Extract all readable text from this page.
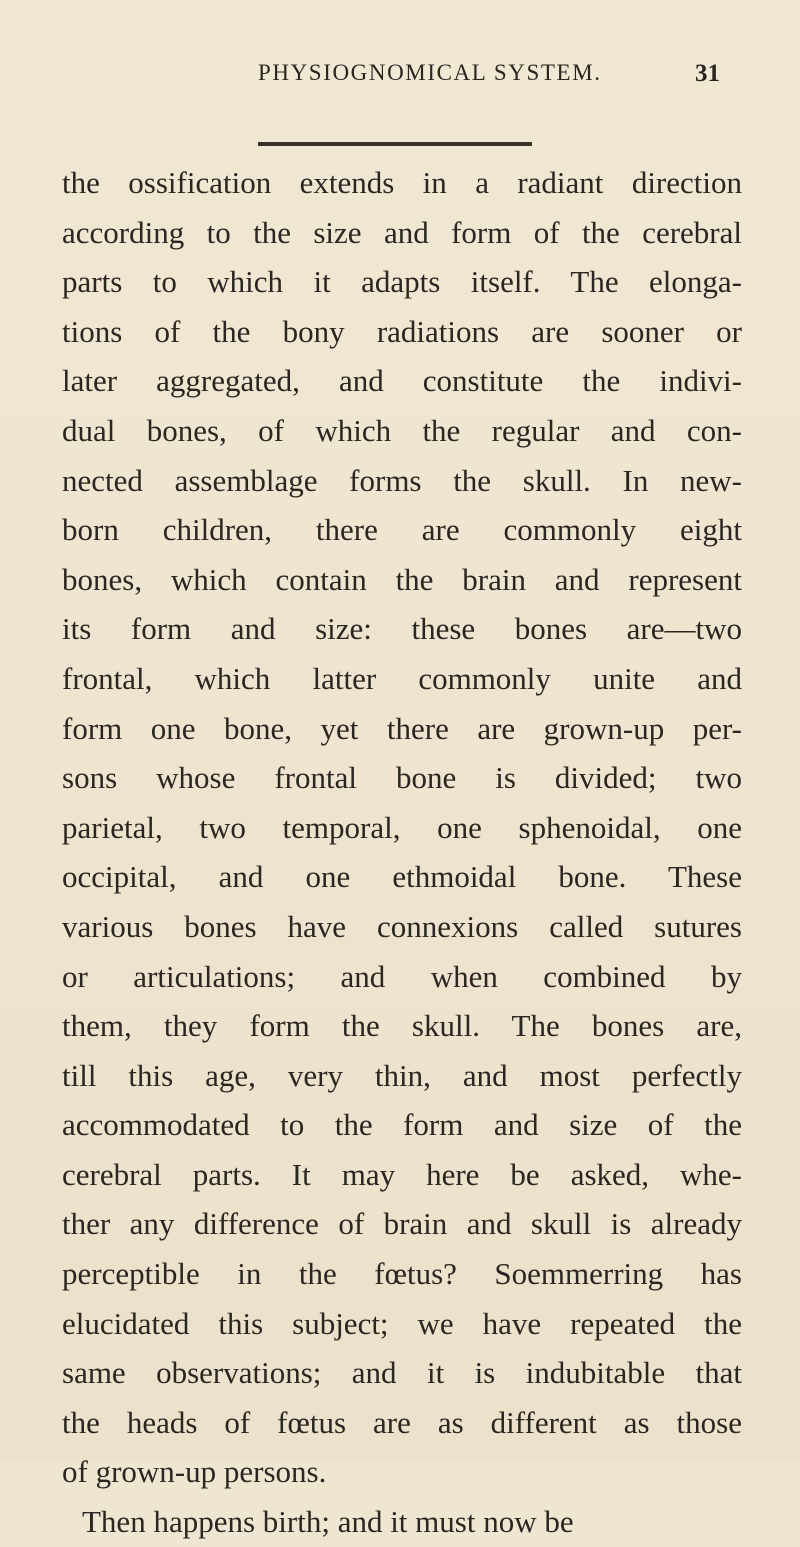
PHYSIOGNOMICAL SYSTEM.	31
the ossification extends in a radiant direction
according to the size and form of the cerebral
parts to which it adapts itself. The elonga-
tions of the bony radiations are sooner or
later aggregated, and constitute the indivi-
dual bones, of which the regular and con-
nected assemblage forms the skull. In new-
born children, there are commonly eight
bones, which contain the brain and represent
its form and size: these bones are—two
frontal, which latter commonly unite and
form one bone, yet there are grown-up per-
sons whose frontal bone is divided; two
parietal, two temporal, one sphenoidal, one
occipital, and one ethmoidal bone. These
various bones have connexions called sutures
or articulations; and when combined by
them, they form the skull. The bones are,
till this age, very thin, and most perfectly
accommodated to the form and size of the
cerebral parts. It may here be asked, whe-
ther any difference of brain and skull is already
perceptible in the fœtus? Soemmerring has
elucidated this subject; we have repeated the
same observations; and it is indubitable that
the heads of fœtus are as different as those
of grown-up persons.
Then happens birth; and it must now be
